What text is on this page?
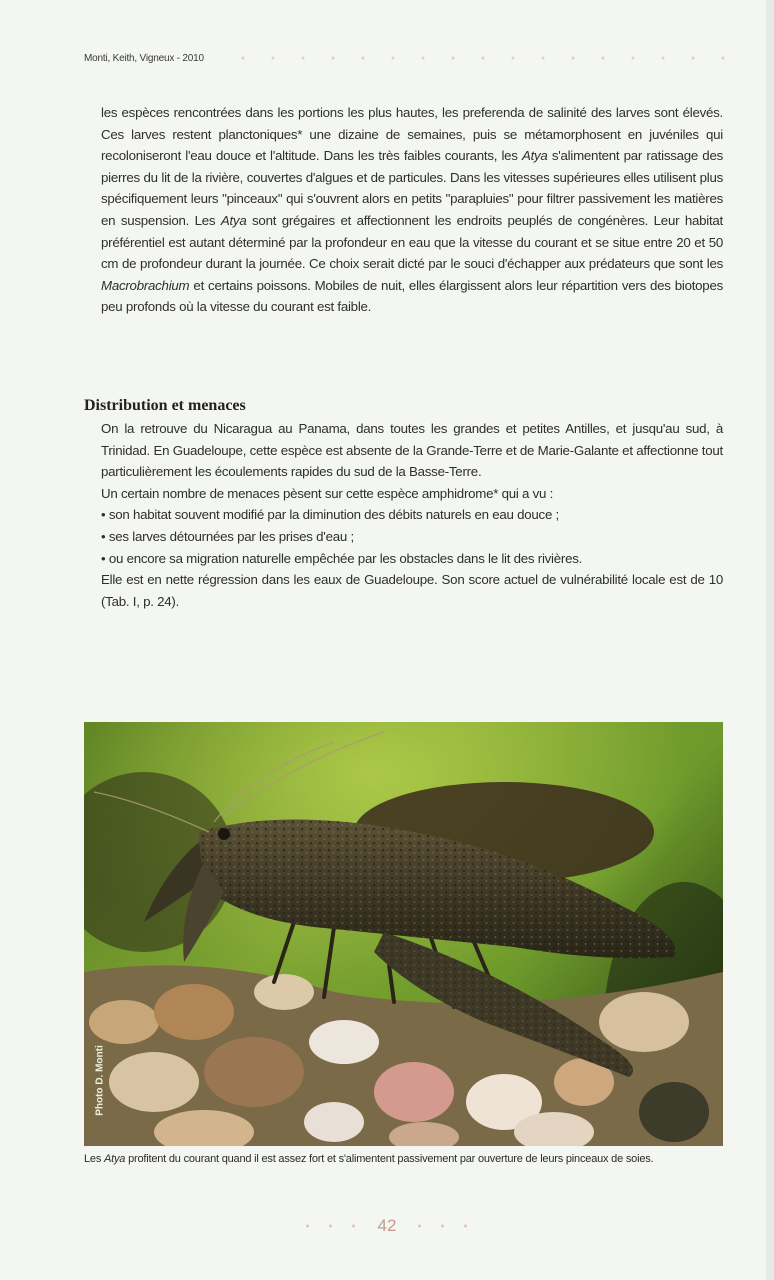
Monti, Keith, Vigneux - 2010

les espèces rencontrées dans les portions les plus hautes, les preferenda de salinité des larves sont élevés. Ces larves restent planctoniques* une dizaine de semaines, puis se métamorphosent en juvéniles qui recoloniseront l'eau douce et l'altitude. Dans les très faibles courants, les Atya s'alimentent par ratissage des pierres du lit de la rivière, couvertes d'algues et de particules. Dans les vitesses supérieures elles utilisent plus spécifiquement leurs "pinceaux" qui s'ouvrent alors en petits "parapluies" pour filtrer passivement les matières en suspension. Les Atya sont grégaires et affectionnent les endroits peuplés de congénères. Leur habitat préférentiel est autant déterminé par la profondeur en eau que la vitesse du courant et se situe entre 20 et 50 cm de profondeur durant la journée. Ce choix serait dicté par le souci d'échapper aux prédateurs que sont les Macrobrachium et certains poissons. Mobiles de nuit, elles élargissent alors leur répartition vers des biotopes peu profonds où la vitesse du courant est faible.

Distribution et menaces

On la retrouve du Nicaragua au Panama, dans toutes les grandes et petites Antilles, et jusqu'au sud, à Trinidad. En Guadeloupe, cette espèce est absente de la Grande-Terre et de Marie-Galante et affectionne tout particulièrement les écoulements rapides du sud de la Basse-Terre.

Un certain nombre de menaces pèsent sur cette espèce amphidrome* qui a vu :

• son habitat souvent modifié par la diminution des débits naturels en eau douce ;

• ses larves détournées par les prises d'eau ;

• ou encore sa migration naturelle empêchée par les obstacles dans le lit des rivières.

Elle est en nette régression dans les eaux de Guadeloupe. Son score actuel de vulnérabilité locale est de 10 (Tab. I, p. 24).

Photo D. Monti
Les Atya profitent du courant quand il est assez fort et s'alimentent passivement par ouverture de leurs pinceaux de soies.
42
